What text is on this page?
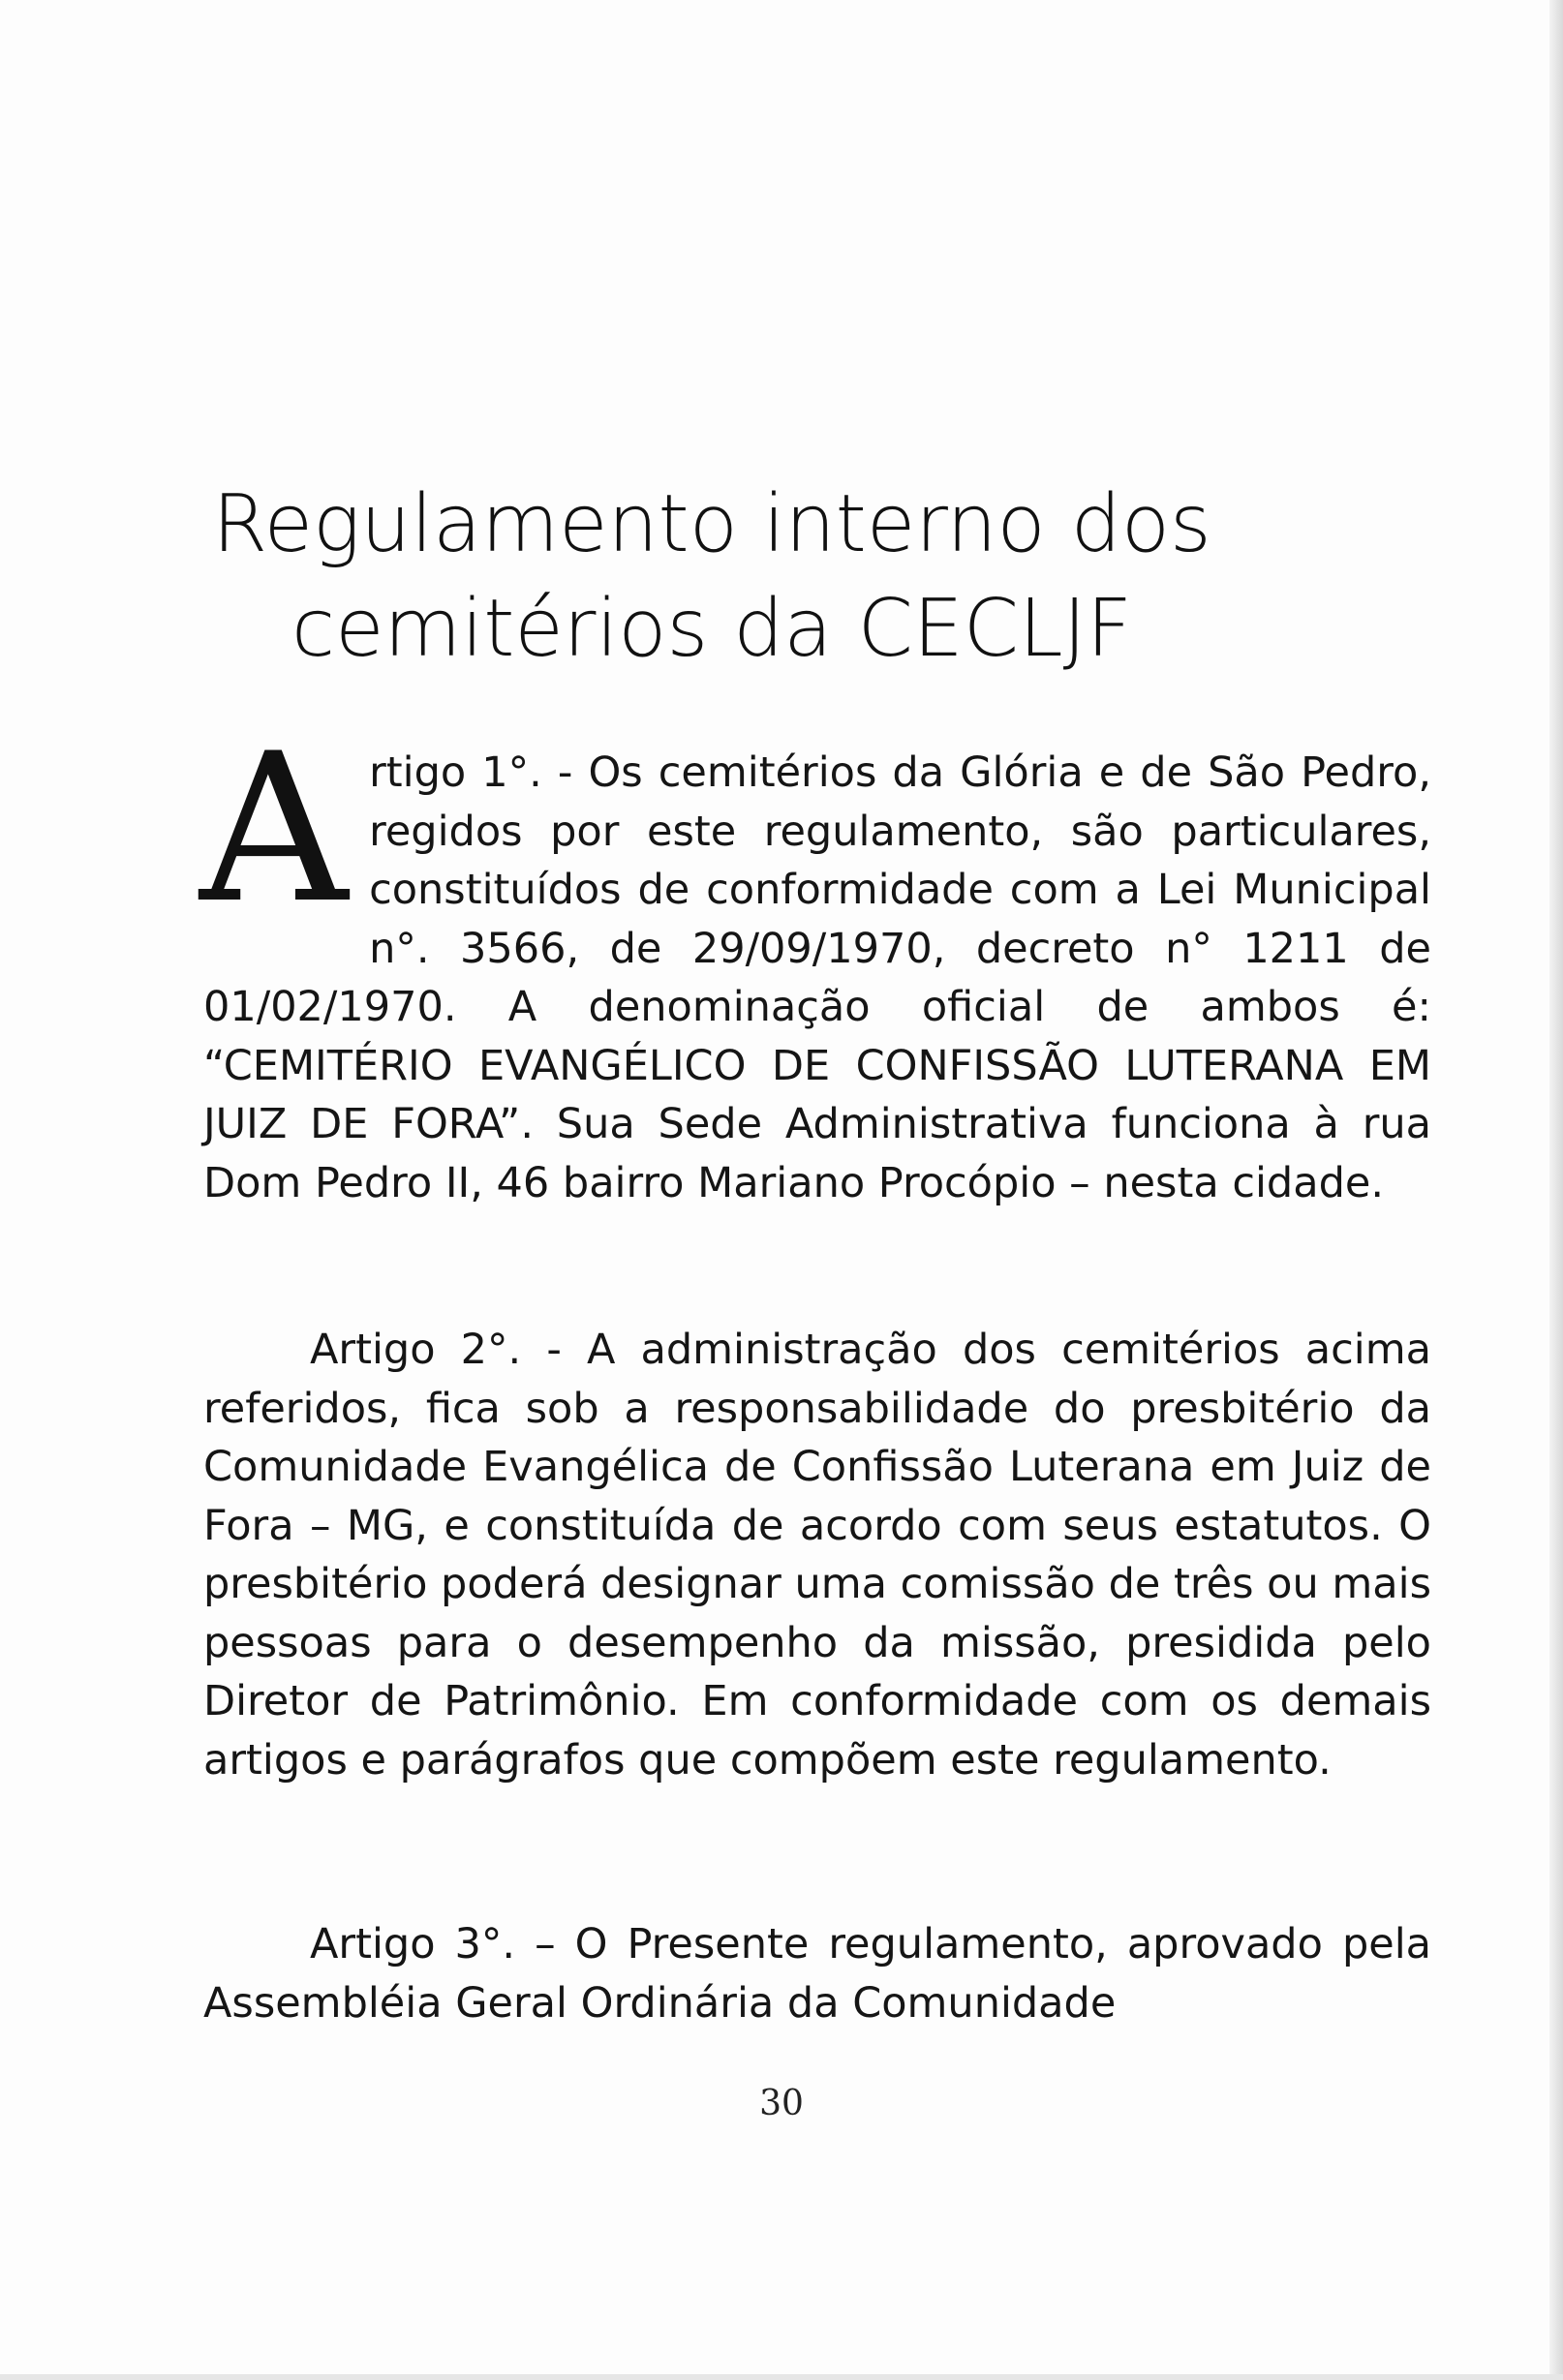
Regulamento interno dos
cemitérios da CECLJF

Artigo 1°. - Os cemitérios da Glória e de São Pedro, regidos por este regulamento, são particulares, constituídos de conformidade com a Lei Municipal n°. 3566, de 29/09/1970, decreto n° 1211 de 01/02/1970. A denominação oficial de ambos é: “CEMITÉRIO EVANGÉLICO DE CONFISSÃO LUTERANA EM JUIZ DE FORA”. Sua Sede Administrativa funciona à rua Dom Pedro II, 46 bairro Mariano Procópio – nesta cidade.

Artigo 2°. - A administração dos cemitérios acima referidos, fica sob a responsabilidade do presbitério da Comunidade Evangélica de Confissão Luterana em Juiz de Fora – MG, e constituída de acordo com seus estatutos. O presbitério poderá designar uma comissão de três ou mais pessoas para o desempenho da missão, presidida pelo Diretor de Patrimônio. Em conformidade com os demais artigos e parágrafos que compõem este regulamento.

Artigo 3°. – O Presente regulamento, aprovado pela Assembléia Geral Ordinária da Comunidade

30
